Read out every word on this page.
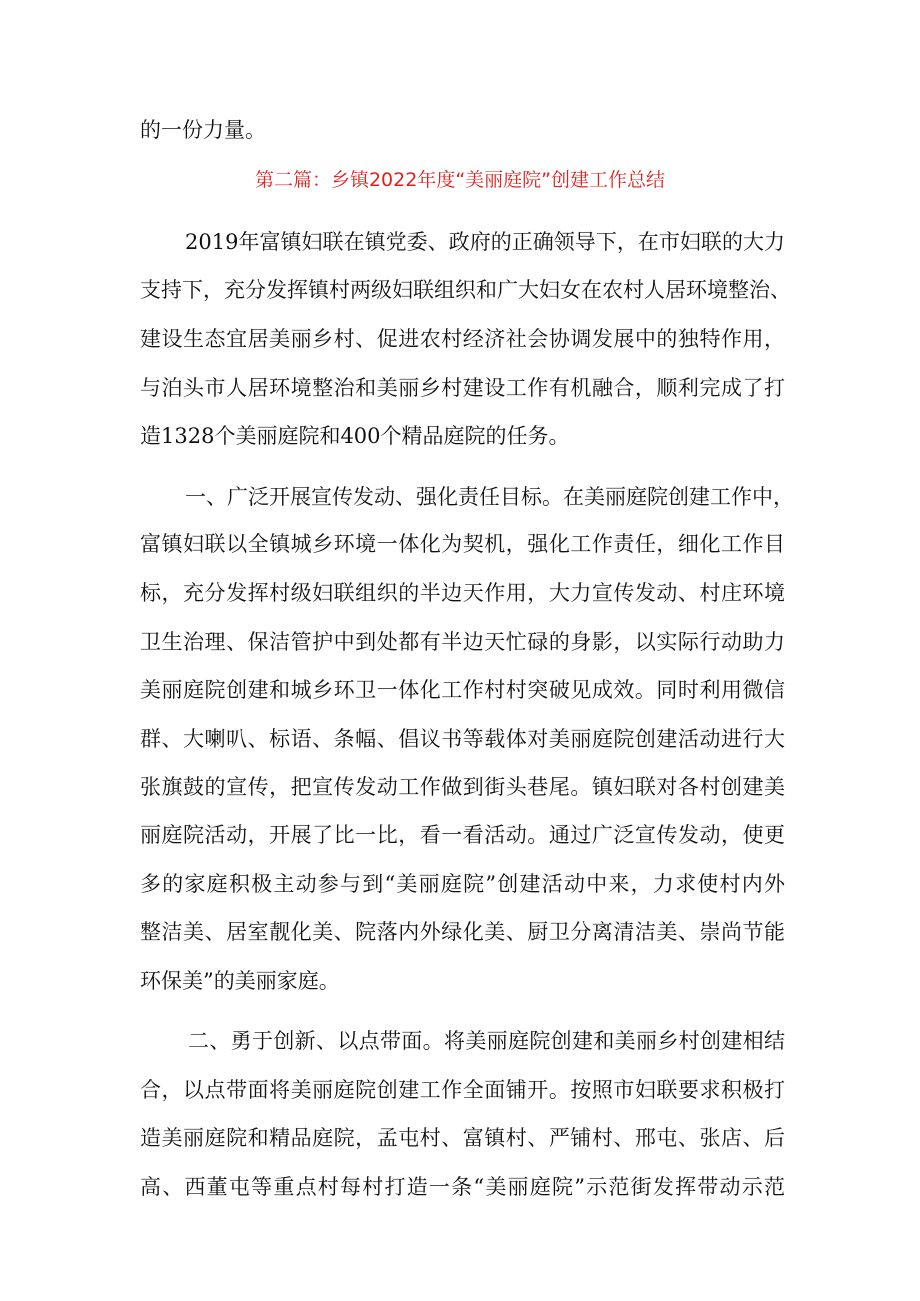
的一份力量。
第二篇：乡镇2022年度“美丽庭院”创建工作总结
2019年富镇妇联在镇党委、政府的正确领导下，在市妇联的大力
支持下，充分发挥镇村两级妇联组织和广大妇女在农村人居环境整治、
建设生态宜居美丽乡村、促进农村经济社会协调发展中的独特作用，
与泊头市人居环境整治和美丽乡村建设工作有机融合，顺利完成了打
造1328个美丽庭院和400个精品庭院的任务。
一、广泛开展宣传发动、强化责任目标。在美丽庭院创建工作中，
富镇妇联以全镇城乡环境一体化为契机，强化工作责任，细化工作目
标，充分发挥村级妇联组织的半边天作用，大力宣传发动、村庄环境
卫生治理、保洁管护中到处都有半边天忙碌的身影，以实际行动助力
美丽庭院创建和城乡环卫一体化工作村村突破见成效。同时利用微信
群、大喇叭、标语、条幅、倡议书等载体对美丽庭院创建活动进行大
张旗鼓的宣传，把宣传发动工作做到街头巷尾。镇妇联对各村创建美
丽庭院活动，开展了比一比，看一看活动。通过广泛宣传发动，使更
多的家庭积极主动参与到“美丽庭院”创建活动中来，力求使村内外
整洁美、居室靓化美、院落内外绿化美、厨卫分离清洁美、崇尚节能
环保美”的美丽家庭。
二、勇于创新、以点带面。将美丽庭院创建和美丽乡村创建相结
合，以点带面将美丽庭院创建工作全面铺开。按照市妇联要求积极打
造美丽庭院和精品庭院，孟屯村、富镇村、严铺村、邢屯、张店、后
高、西董屯等重点村每村打造一条“美丽庭院”示范街发挥带动示范
